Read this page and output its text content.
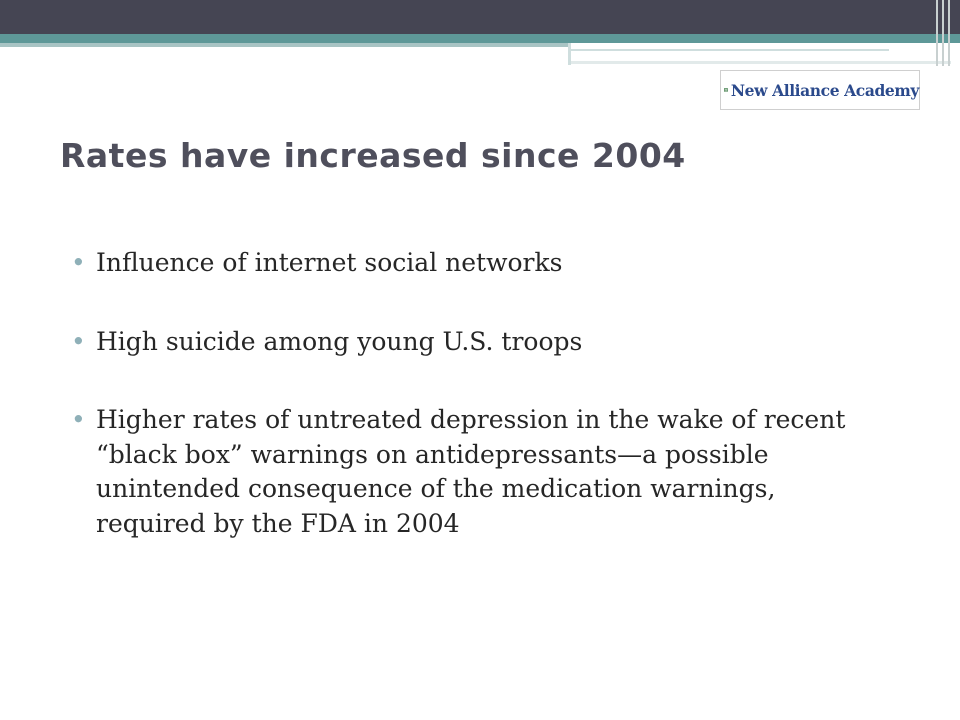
New Alliance Academy
Rates have increased since 2004
• Influence of internet social networks
• High suicide among young U.S. troops
• Higher rates of untreated depression in the wake of recent “black box” warnings on antidepressants—a possible unintended consequence of the medication warnings, required by the FDA in 2004
